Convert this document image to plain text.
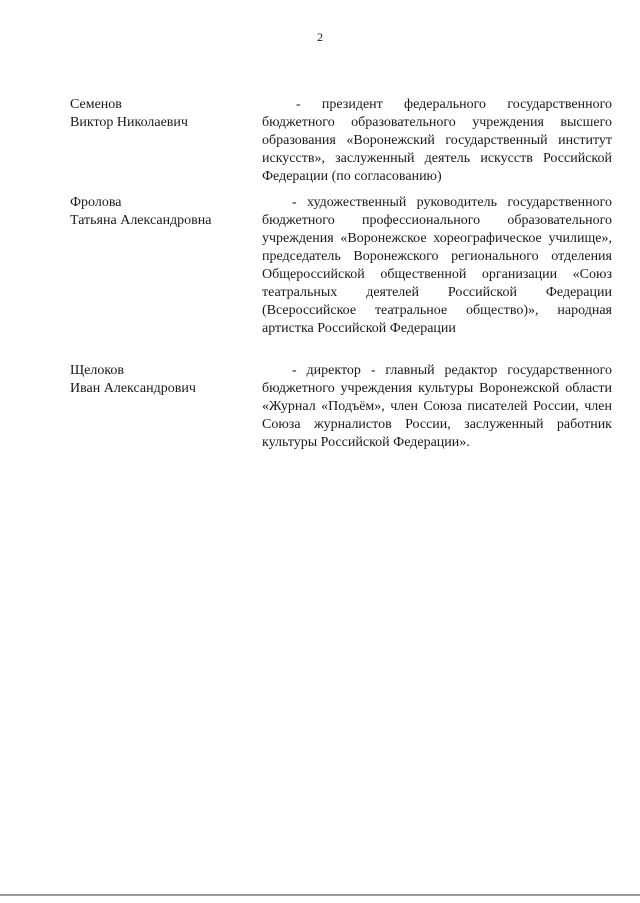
2
Семенов
Виктор Николаевич

- президент федерального государственного бюджетного образовательного учреждения высшего образования «Воронежский государственный институт искусств», заслуженный деятель искусств Российской Федерации (по согласованию)

Фролова
Татьяна Александровна

- художественный руководитель государственного бюджетного профессионального образовательного учреждения «Воронежское хореографическое училище», председатель Воронежского регионального отделения Общероссийской общественной организации «Союз театральных деятелей Российской Федерации (Всероссийское театральное общество)», народная артистка Российской Федерации

Щелоков
Иван Александрович

- директор - главный редактор государственного бюджетного учреждения культуры Воронежской области «Журнал «Подъём», член Союза писателей России, член Союза журналистов России, заслуженный работник культуры Российской Федерации».
